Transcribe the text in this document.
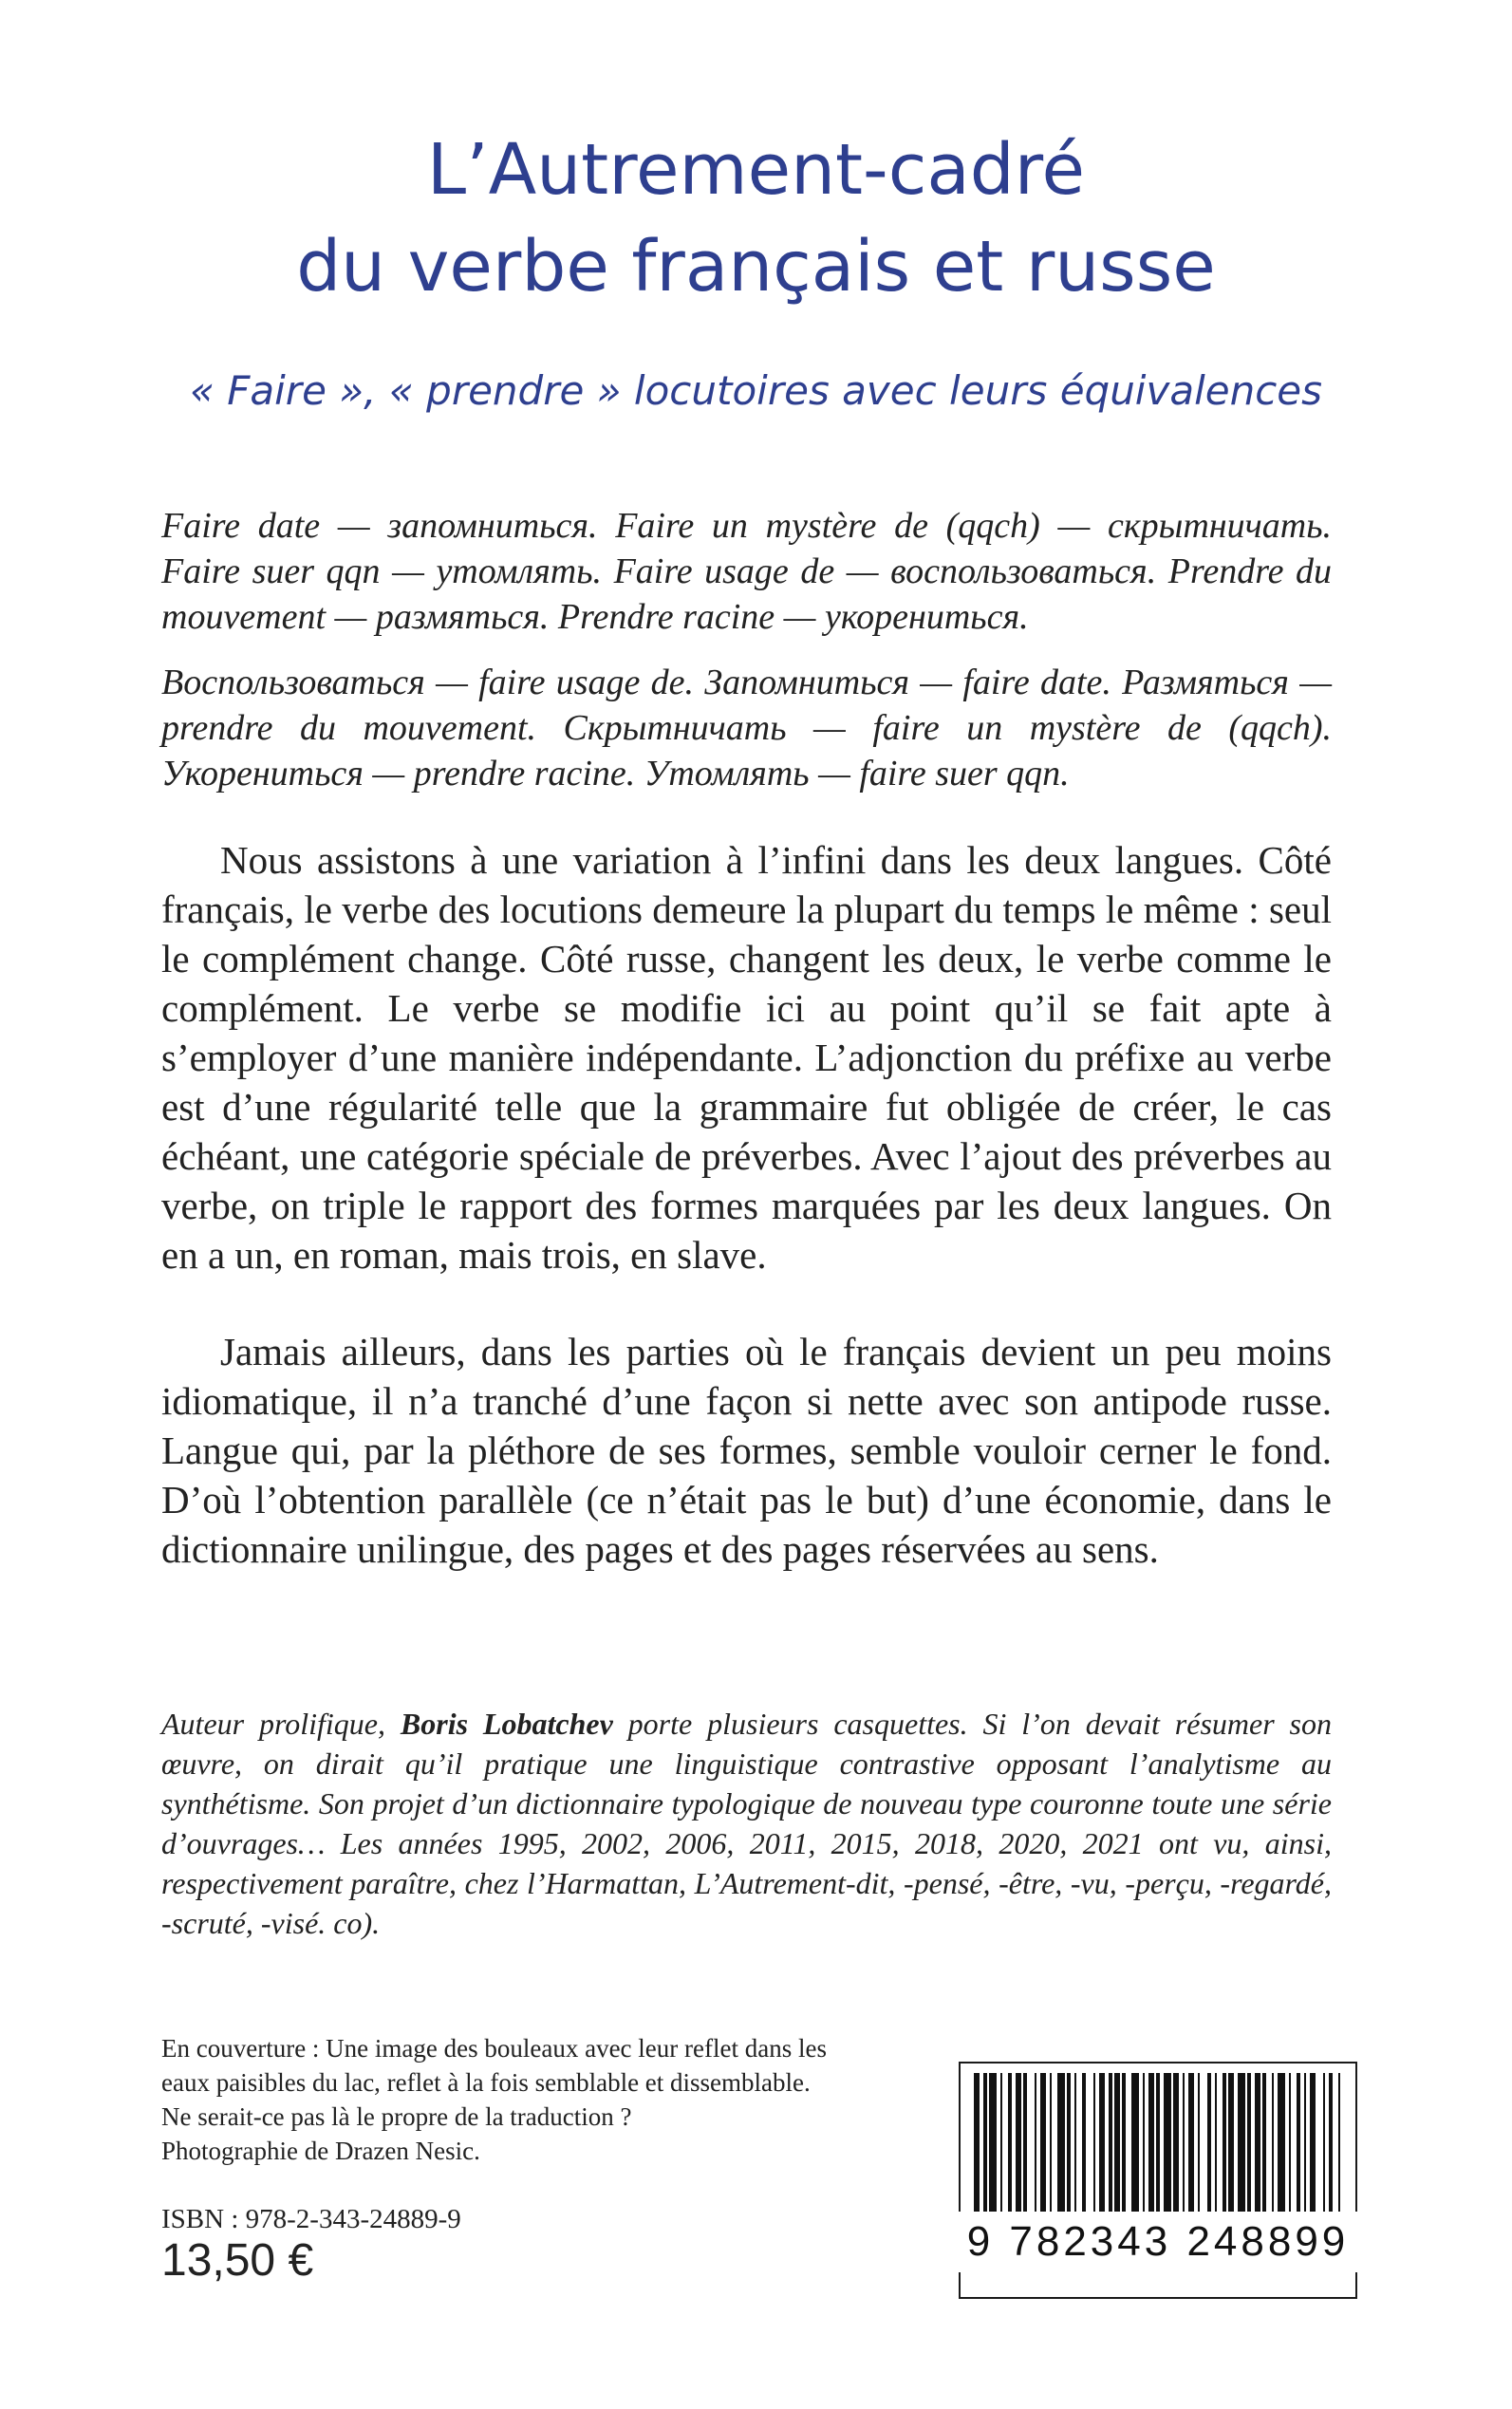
L’Autrement-cadré
du verbe français et russe

« Faire », « prendre » locutoires avec leurs équivalences

Faire date — запомниться. Faire un mystère de (qqch) — скрытничать. Faire suer qqn — утомлять. Faire usage de — воспользоваться. Prendre du mouvement — размяться. Prendre racine — укорениться.

Воспользоваться — faire usage de. Запомниться — faire date. Размяться — prendre du mouvement. Скрытничать — faire un mystère de (qqch). Укорениться — prendre racine. Утомлять — faire suer qqn.

Nous assistons à une variation à l’infini dans les deux langues. Côté français, le verbe des locutions demeure la plupart du temps le même : seul le complément change. Côté russe, changent les deux, le verbe comme le complément. Le verbe se modifie ici au point qu’il se fait apte à s’employer d’une manière indépendante. L’adjonction du préfixe au verbe est d’une régularité telle que la grammaire fut obligée de créer, le cas échéant, une catégorie spéciale de préverbes. Avec l’ajout des préverbes au verbe, on triple le rapport des formes marquées par les deux langues. On en a un, en roman, mais trois, en slave.

Jamais ailleurs, dans les parties où le français devient un peu moins idiomatique, il n’a tranché d’une façon si nette avec son antipode russe. Langue qui, par la pléthore de ses formes, semble vouloir cerner le fond. D’où l’obtention parallèle (ce n’était pas le but) d’une économie, dans le dictionnaire unilingue, des pages et des pages réservées au sens.

Auteur prolifique, Boris Lobatchev porte plusieurs casquettes. Si l’on devait résumer son œuvre, on dirait qu’il pratique une linguistique contrastive opposant l’analytisme au synthétisme. Son projet d’un dictionnaire typologique de nouveau type couronne toute une série d’ouvrages… Les années 1995, 2002, 2006, 2011, 2015, 2018, 2020, 2021 ont vu, ainsi, respectivement paraître, chez l’Harmattan, L’Autrement-dit, -pensé, -être, -vu, -perçu, -regardé, -scruté, -visé. co).

En couverture : Une image des bouleaux avec leur reflet dans les
eaux paisibles du lac, reflet à la fois semblable et dissemblable.
Ne serait-ce pas là le propre de la traduction ?
Photographie de Drazen Nesic.

ISBN : 978-2-343-24889-9

13,50 €	9 782343 248899
